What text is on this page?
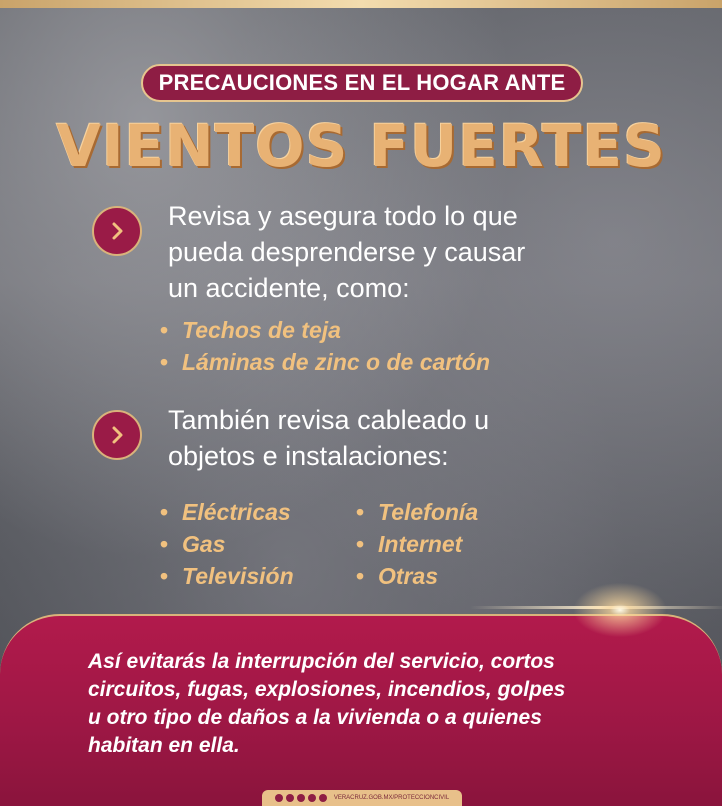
PRECAUCIONES EN EL HOGAR ANTE
VIENTOS FUERTES
Revisa y asegura todo lo que
pueda desprenderse y causar
un accidente, como:
• Techos de teja
• Láminas de zinc o de cartón
También revisa cableado u
objetos e instalaciones:
• Eléctricas
• Gas
• Televisión
• Telefonía
• Internet
• Otras
Así evitarás la interrupción del servicio, cortos
circuitos, fugas, explosiones, incendios, golpes
u otro tipo de daños a la vivienda o a quienes
habitan en ella.
VERACRUZ.GOB.MX/PROTECCIONCIVIL
